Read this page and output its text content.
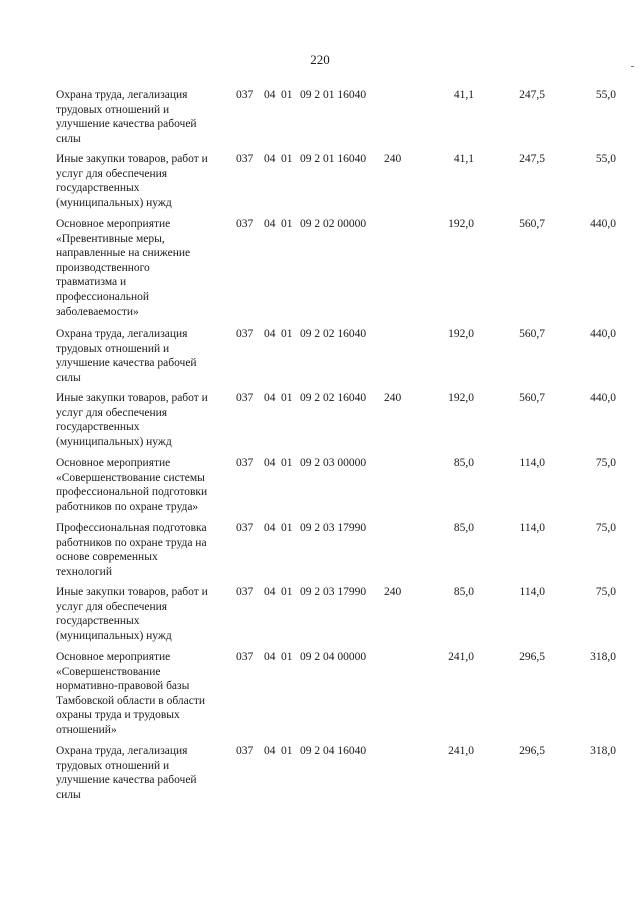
220
Охрана труда, легализация
трудовых отношений и
улучшение качества рабочей
силы
037 04 01 09 2 01 16040	41,1	247,5	55,0
Иные закупки товаров, работ и
услуг для обеспечения
государственных
(муниципальных) нужд
037 04 01 09 2 01 16040 240	41,1	247,5	55,0
Основное мероприятие
«Превентивные меры,
направленные на снижение
производственного
травматизма и
профессиональной
заболеваемости»
037 04 01 09 2 02 00000	192,0	560,7	440,0
Охрана труда, легализация
трудовых отношений и
улучшение качества рабочей
силы
037 04 01 09 2 02 16040	192,0	560,7	440,0
Иные закупки товаров, работ и
услуг для обеспечения
государственных
(муниципальных) нужд
037 04 01 09 2 02 16040 240	192,0	560,7	440,0
Основное мероприятие
«Совершенствование системы
профессиональной подготовки
работников по охране труда»
037 04 01 09 2 03 00000	85,0	114,0	75,0
Профессиональная подготовка
работников по охране труда на
основе современных
технологий
037 04 01 09 2 03 17990	85,0	114,0	75,0
Иные закупки товаров, работ и
услуг для обеспечения
государственных
(муниципальных) нужд
037 04 01 09 2 03 17990 240	85,0	114,0	75,0
Основное мероприятие
«Совершенствование
нормативно-правовой базы
Тамбовской области в области
охраны труда и трудовых
отношений»
037 04 01 09 2 04 00000	241,0	296,5	318,0
Охрана труда, легализация
трудовых отношений и
улучшение качества рабочей
силы
037 04 01 09 2 04 16040	241,0	296,5	318,0
